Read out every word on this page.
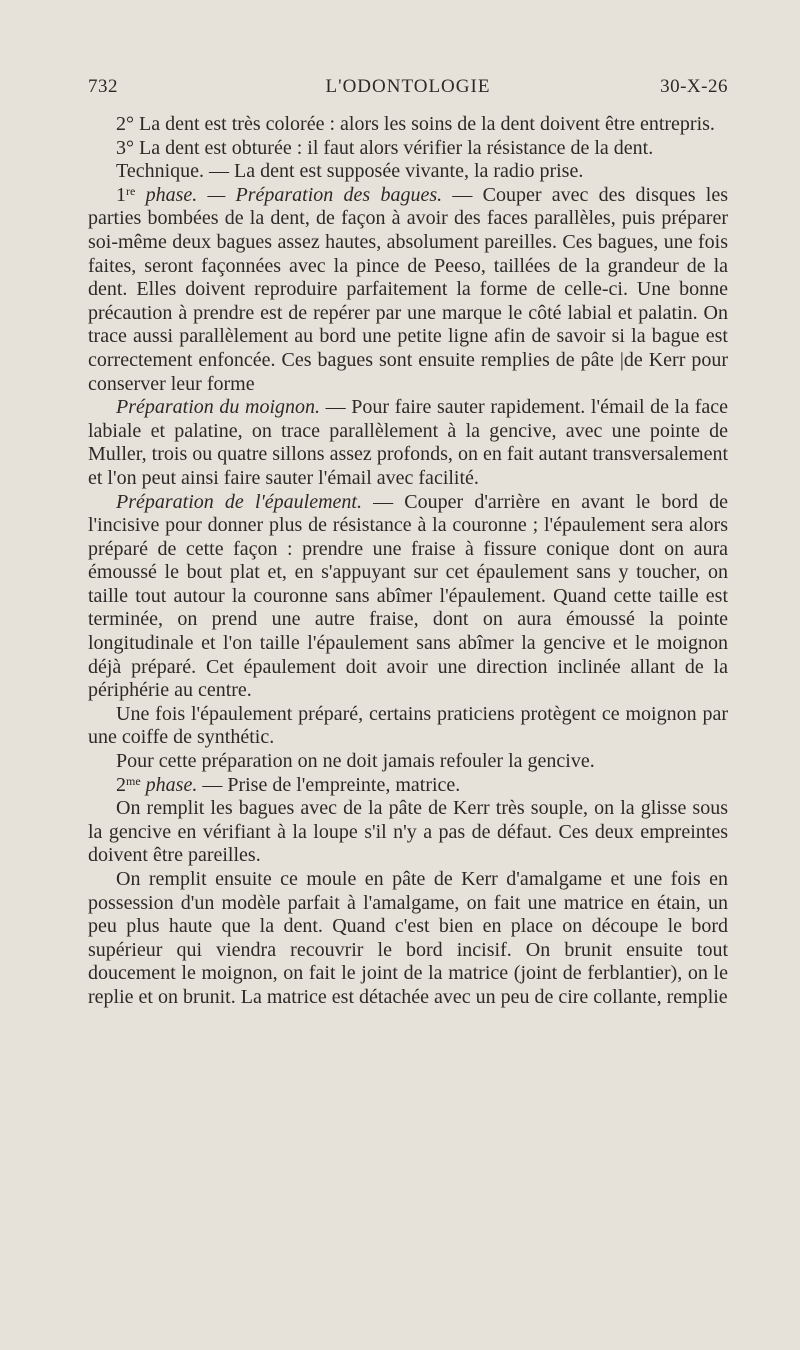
732	L'ODONTOLOGIE	30-X-26

2° La dent est très colorée : alors les soins de la dent doivent être entrepris.

3° La dent est obturée : il faut alors vérifier la résistance de la dent.

Technique. — La dent est supposée vivante, la radio prise.

1re phase. — Préparation des bagues. — Couper avec des disques les parties bombées de la dent, de façon à avoir des faces parallèles, puis préparer soi-même deux bagues assez hautes, absolument pareilles. Ces bagues, une fois faites, seront façonnées avec la pince de Peeso, taillées de la grandeur de la dent. Elles doivent reproduire parfaitement la forme de celle-ci. Une bonne précaution à prendre est de repérer par une marque le côté labial et palatin. On trace aussi parallèlement au bord une petite ligne afin de savoir si la bague est correctement enfoncée. Ces bagues sont ensuite remplies de pâte |de Kerr pour conserver leur forme

Préparation du moignon. — Pour faire sauter rapidement. l'émail de la face labiale et palatine, on trace parallèlement à la gencive, avec une pointe de Muller, trois ou quatre sillons assez profonds, on en fait autant transversalement et l'on peut ainsi faire sauter l'émail avec facilité.

Préparation de l'épaulement. — Couper d'arrière en avant le bord de l'incisive pour donner plus de résistance à la couronne ; l'épaulement sera alors préparé de cette façon : prendre une fraise à fissure conique dont on aura émoussé le bout plat et, en s'appuyant sur cet épaulement sans y toucher, on taille tout autour la couronne sans abîmer l'épaulement. Quand cette taille est terminée, on prend une autre fraise, dont on aura émoussé la pointe longitudinale et l'on taille l'épaulement sans abîmer la gencive et le moignon déjà préparé. Cet épaulement doit avoir une direction inclinée allant de la périphérie au centre.

Une fois l'épaulement préparé, certains praticiens protègent ce moignon par une coiffe de synthétic.

Pour cette préparation on ne doit jamais refouler la gencive.

$2^{me}$ phase. — Prise de l'empreinte, matrice.

On remplit les bagues avec de la pâte de Kerr très souple, on la glisse sous la gencive en vérifiant à la loupe s'il n'y a pas de défaut. Ces deux empreintes doivent être pareilles.

On remplit ensuite ce moule en pâte de Kerr d'amalgame et une fois en possession d'un modèle parfait à l'amalgame, on fait une matrice en étain, un peu plus haute que la dent. Quand c'est bien en place on découpe le bord supérieur qui viendra recouvrir le bord incisif. On brunit ensuite tout doucement le moignon, on fait le joint de la matrice (joint de ferblantier), on le replie et on brunit. La matrice est détachée avec un peu de cire collante, remplie
